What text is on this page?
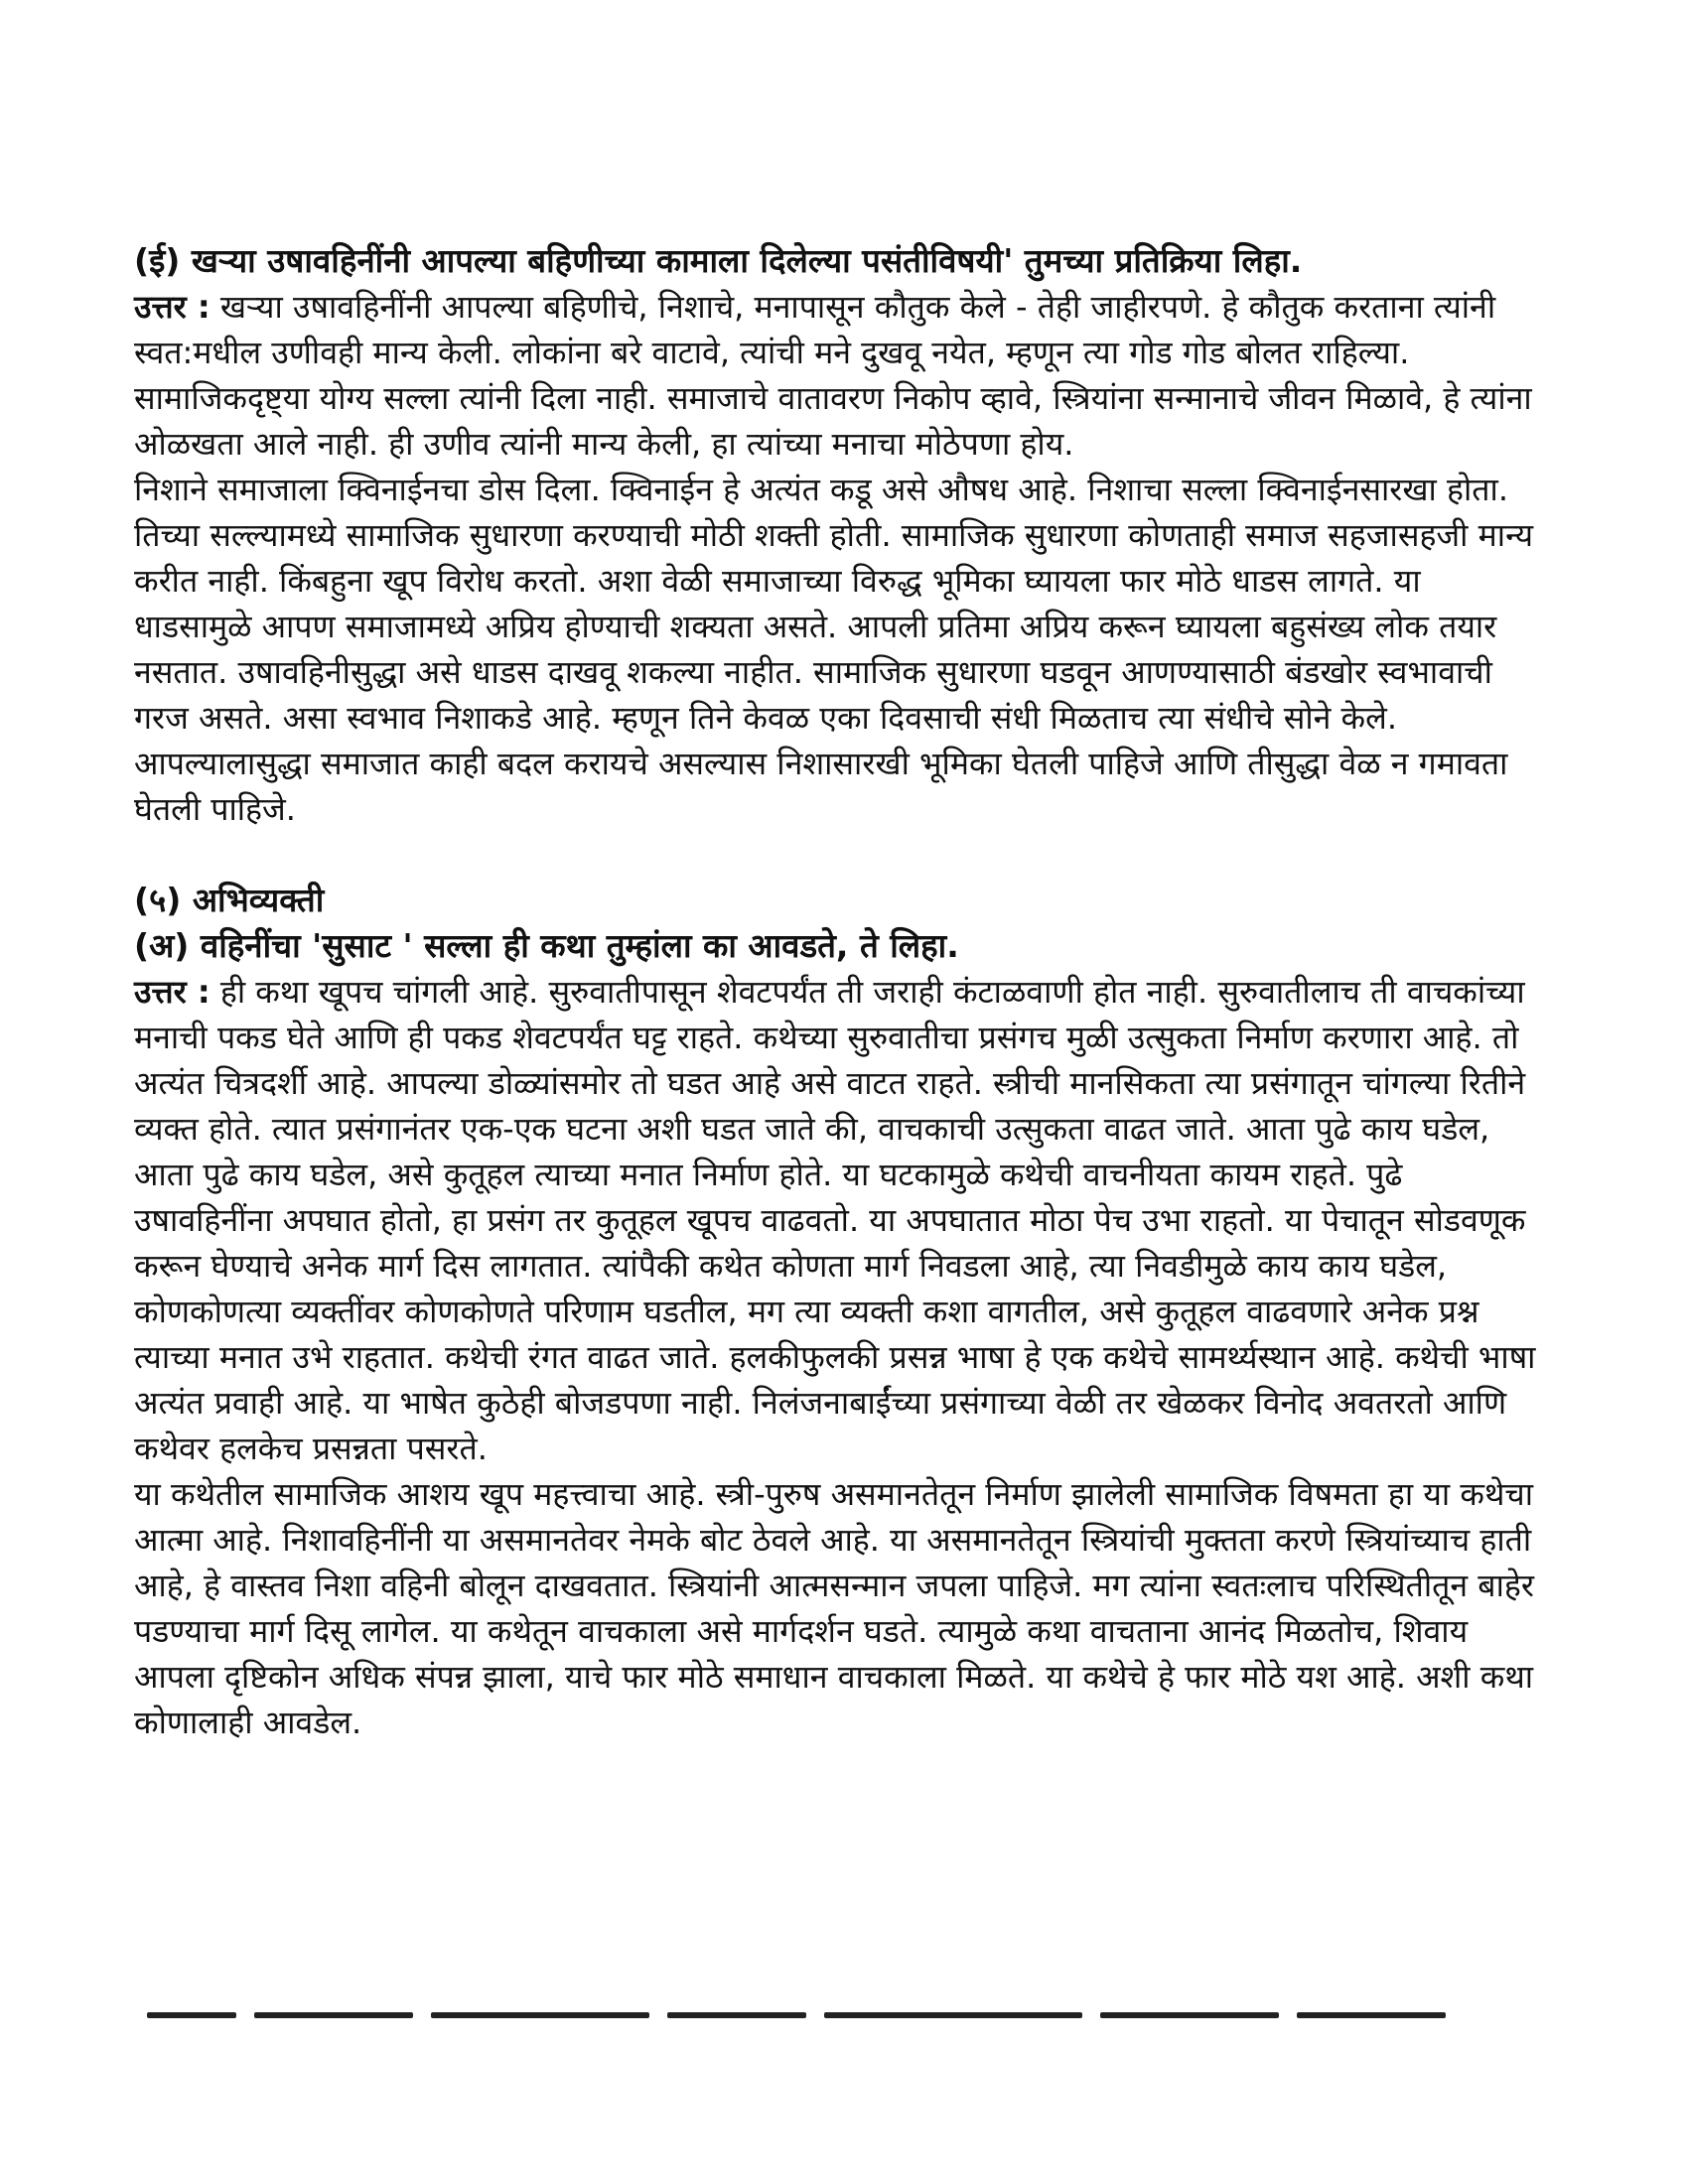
(ई) खऱ्या उषावहिनींनी आपल्या बहिणीच्या कामाला दिलेल्या पसंतीविषयी' तुमच्या प्रतिक्रिया लिहा.

उत्तर : खऱ्या उषावहिनींनी आपल्या बहिणीचे, निशाचे, मनापासून कौतुक केले - तेही जाहीरपणे. हे कौतुक करताना त्यांनी स्वत:मधील उणीवही मान्य केली. लोकांना बरे वाटावे, त्यांची मने दुखवू नयेत, म्हणून त्या गोड गोड बोलत राहिल्या. सामाजिकदृष्ट्या योग्य सल्ला त्यांनी दिला नाही. समाजाचे वातावरण निकोप व्हावे, स्त्रियांना सन्मानाचे जीवन मिळावे, हे त्यांना ओळखता आले नाही. ही उणीव त्यांनी मान्य केली, हा त्यांच्या मनाचा मोठेपणा होय.

निशाने समाजाला क्विनाईनचा डोस दिला. क्विनाईन हे अत्यंत कडू असे औषध आहे. निशाचा सल्ला क्विनाईनसारखा होता. तिच्या सल्ल्यामध्ये सामाजिक सुधारणा करण्याची मोठी शक्ती होती. सामाजिक सुधारणा कोणताही समाज सहजासहजी मान्य करीत नाही. किंबहुना खूप विरोध करतो. अशा वेळी समाजाच्या विरुद्ध भूमिका घ्यायला फार मोठे धाडस लागते. या धाडसामुळे आपण समाजामध्ये अप्रिय होण्याची शक्यता असते. आपली प्रतिमा अप्रिय करून घ्यायला बहुसंख्य लोक तयार नसतात. उषावहिनीसुद्धा असे धाडस दाखवू शकल्या नाहीत. सामाजिक सुधारणा घडवून आणण्यासाठी बंडखोर स्वभावाची गरज असते. असा स्वभाव निशाकडे आहे. म्हणून तिने केवळ एका दिवसाची संधी मिळताच त्या संधीचे सोने केले. आपल्यालासुद्धा समाजात काही बदल करायचे असल्यास निशासारखी भूमिका घेतली पाहिजे आणि तीसुद्धा वेळ न गमावता घेतली पाहिजे.

(५) अभिव्यक्ती

(अ) वहिनींचा 'सुसाट ' सल्ला ही कथा तुम्हांला का आवडते, ते लिहा.

उत्तर : ही कथा खूपच चांगली आहे. सुरुवातीपासून शेवटपर्यंत ती जराही कंटाळवाणी होत नाही. सुरुवातीलाच ती वाचकांच्या मनाची पकड घेते आणि ही पकड शेवटपर्यंत घट्ट राहते. कथेच्या सुरुवातीचा प्रसंगच मुळी उत्सुकता निर्माण करणारा आहे. तो अत्यंत चित्रदर्शी आहे. आपल्या डोळ्यांसमोर तो घडत आहे असे वाटत राहते. स्त्रीची मानसिकता त्या प्रसंगातून चांगल्या रितीने व्यक्त होते. त्यात प्रसंगानंतर एक-एक घटना अशी घडत जाते की, वाचकाची उत्सुकता वाढत जाते. आता पुढे काय घडेल, आता पुढे काय घडेल, असे कुतूहल त्याच्या मनात निर्माण होते. या घटकामुळे कथेची वाचनीयता कायम राहते. पुढे उषावहिनींना अपघात होतो, हा प्रसंग तर कुतूहल खूपच वाढवतो. या अपघातात मोठा पेच उभा राहतो. या पेचातून सोडवणूक करून घेण्याचे अनेक मार्ग दिस लागतात. त्यांपैकी कथेत कोणता मार्ग निवडला आहे, त्या निवडीमुळे काय काय घडेल, कोणकोणत्या व्यक्तींवर कोणकोणते परिणाम घडतील, मग त्या व्यक्ती कशा वागतील, असे कुतूहल वाढवणारे अनेक प्रश्न त्याच्या मनात उभे राहतात. कथेची रंगत वाढत जाते. हलकीफुलकी प्रसन्न भाषा हे एक कथेचे सामर्थ्यस्थान आहे. कथेची भाषा अत्यंत प्रवाही आहे. या भाषेत कुठेही बोजडपणा नाही. निलंजनाबाईंच्या प्रसंगाच्या वेळी तर खेळकर विनोद अवतरतो आणि कथेवर हलकेच प्रसन्नता पसरते.

या कथेतील सामाजिक आशय खूप महत्त्वाचा आहे. स्त्री-पुरुष असमानतेतून निर्माण झालेली सामाजिक विषमता हा या कथेचा आत्मा आहे. निशावहिनींनी या असमानतेवर नेमके बोट ठेवले आहे. या असमानतेतून स्त्रियांची मुक्तता करणे स्त्रियांच्याच हाती आहे, हे वास्तव निशा वहिनी बोलून दाखवतात. स्त्रियांनी आत्मसन्मान जपला पाहिजे. मग त्यांना स्वतःलाच परिस्थितीतून बाहेर पडण्याचा मार्ग दिसू लागेल. या कथेतून वाचकाला असे मार्गदर्शन घडते. त्यामुळे कथा वाचताना आनंद मिळतोच, शिवाय आपला दृष्टिकोन अधिक संपन्न झाला, याचे फार मोठे समाधान वाचकाला मिळते. या कथेचे हे फार मोठे यश आहे. अशी कथा कोणालाही आवडेल.
